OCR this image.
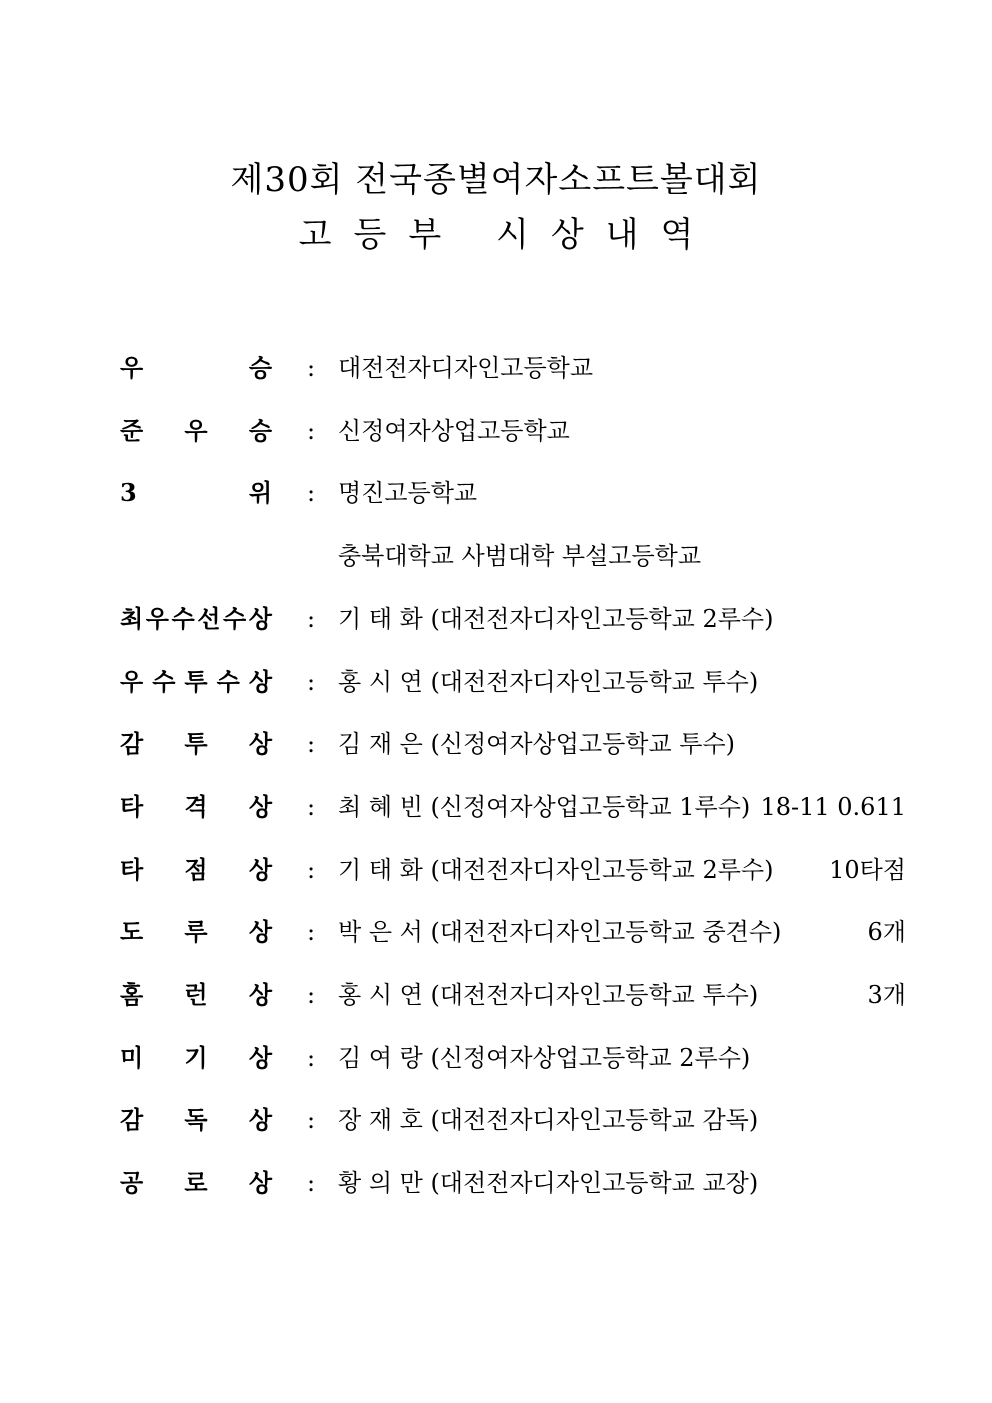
제30회 전국종별여자소프트볼대회
고등부 시상내역
우	승 : 대전전자디자인고등학교
준 우 승 : 신정여자상업고등학교
3	위 : 명진고등학교
충북대학교 사범대학 부설고등학교
최 우 수 선 수 상 : 기 태 화 (대전전자디자인고등학교 2루수)
우 수 투 수 상 : 홍 시 연 (대전전자디자인고등학교 투수)
감 투 상 : 김 재 은 (신정여자상업고등학교 투수)
타 격 상 : 최 혜 빈 (신정여자상업고등학교 1루수) 18-11 0.611
타 점 상 : 기 태 화 (대전전자디자인고등학교 2루수) 10타점
도 루 상 : 박 은 서 (대전전자디자인고등학교 중견수)	6개
홈 런 상 : 홍 시 연 (대전전자디자인고등학교 투수)	3개
미 기 상 : 김 여 랑 (신정여자상업고등학교 2루수)
감 독 상 : 장 재 호 (대전전자디자인고등학교 감독)
공 로 상 : 황 의 만 (대전전자디자인고등학교 교장)
